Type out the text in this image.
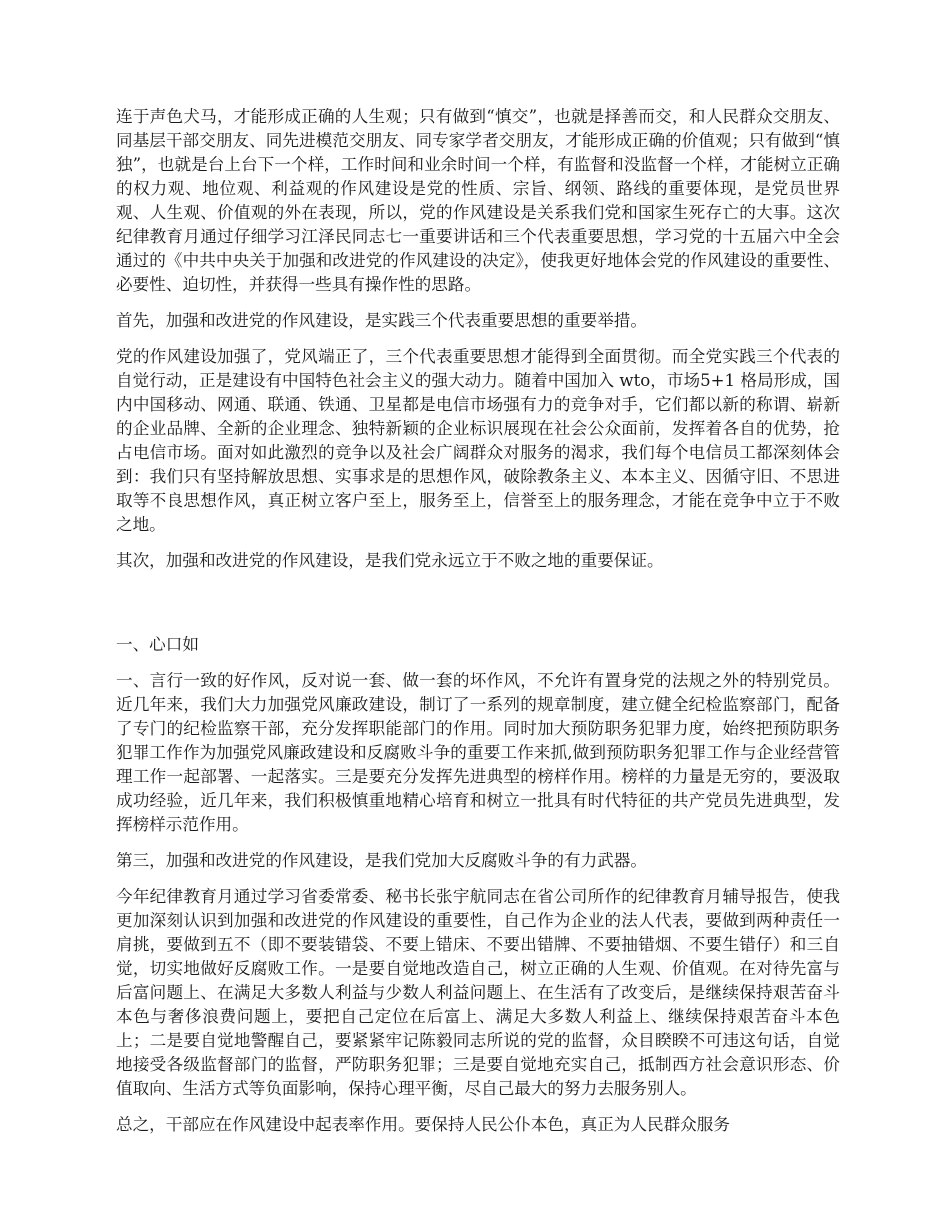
连于声色犬马，才能形成正确的人生观；只有做到“慎交”，也就是择善而交，和人民群众交朋友、同基层干部交朋友、同先进模范交朋友、同专家学者交朋友，才能形成正确的价值观；只有做到“慎独”，也就是台上台下一个样，工作时间和业余时间一个样，有监督和没监督一个样，才能树立正确的权力观、地位观、利益观的作风建设是党的性质、宗旨、纲领、路线的重要体现，是党员世界观、人生观、价值观的外在表现，所以，党的作风建设是关系我们党和国家生死存亡的大事。这次纪律教育月通过仔细学习江泽民同志七一重要讲话和三个代表重要思想，学习党的十五届六中全会通过的《中共中央关于加强和改进党的作风建设的决定》，使我更好地体会党的作风建设的重要性、必要性、迫切性，并获得一些具有操作性的思路。

首先，加强和改进党的作风建设，是实践三个代表重要思想的重要举措。

党的作风建设加强了，党风端正了，三个代表重要思想才能得到全面贯彻。而全党实践三个代表的自觉行动，正是建设有中国特色社会主义的强大动力。随着中国加入 wto，市场5+1 格局形成，国内中国移动、网通、联通、铁通、卫星都是电信市场强有力的竞争对手，它们都以新的称谓、崭新的企业品牌、全新的企业理念、独特新颖的企业标识展现在社会公众面前，发挥着各自的优势，抢占电信市场。面对如此激烈的竞争以及社会广阔群众对服务的渴求，我们每个电信员工都深刻体会到：我们只有坚持解放思想、实事求是的思想作风，破除教条主义、本本主义、因循守旧、不思进取等不良思想作风，真正树立客户至上，服务至上，信誉至上的服务理念，才能在竞争中立于不败之地。

其次，加强和改进党的作风建设，是我们党永远立于不败之地的重要保证。

一、心口如

一、言行一致的好作风，反对说一套、做一套的坏作风，不允许有置身党的法规之外的特别党员。近几年来，我们大力加强党风廉政建设，制订了一系列的规章制度，建立健全纪检监察部门，配备了专门的纪检监察干部，充分发挥职能部门的作用。同时加大预防职务犯罪力度，始终把预防职务犯罪工作作为加强党风廉政建设和反腐败斗争的重要工作来抓,做到预防职务犯罪工作与企业经营管理工作一起部署、一起落实。三是要充分发挥先进典型的榜样作用。榜样的力量是无穷的，要汲取成功经验，近几年来，我们积极慎重地精心培育和树立一批具有时代特征的共产党员先进典型，发挥榜样示范作用。

第三，加强和改进党的作风建设，是我们党加大反腐败斗争的有力武器。

今年纪律教育月通过学习省委常委、秘书长张宇航同志在省公司所作的纪律教育月辅导报告，使我更加深刻认识到加强和改进党的作风建设的重要性，自己作为企业的法人代表，要做到两种责任一肩挑，要做到五不（即不要装错袋、不要上错床、不要出错牌、不要抽错烟、不要生错仔）和三自觉，切实地做好反腐败工作。一是要自觉地改造自己，树立正确的人生观、价值观。在对待先富与后富问题上、在满足大多数人利益与少数人利益问题上、在生活有了改变后，是继续保持艰苦奋斗本色与奢侈浪费问题上，要把自己定位在后富上、满足大多数人利益上、继续保持艰苦奋斗本色上；二是要自觉地警醒自己，要紧紧牢记陈毅同志所说的党的监督，众目睽睽不可违这句话，自觉地接受各级监督部门的监督，严防职务犯罪；三是要自觉地充实自己，抵制西方社会意识形态、价值取向、生活方式等负面影响，保持心理平衡，尽自己最大的努力去服务别人。

总之，干部应在作风建设中起表率作用。要保持人民公仆本色，真正为人民群众服务
